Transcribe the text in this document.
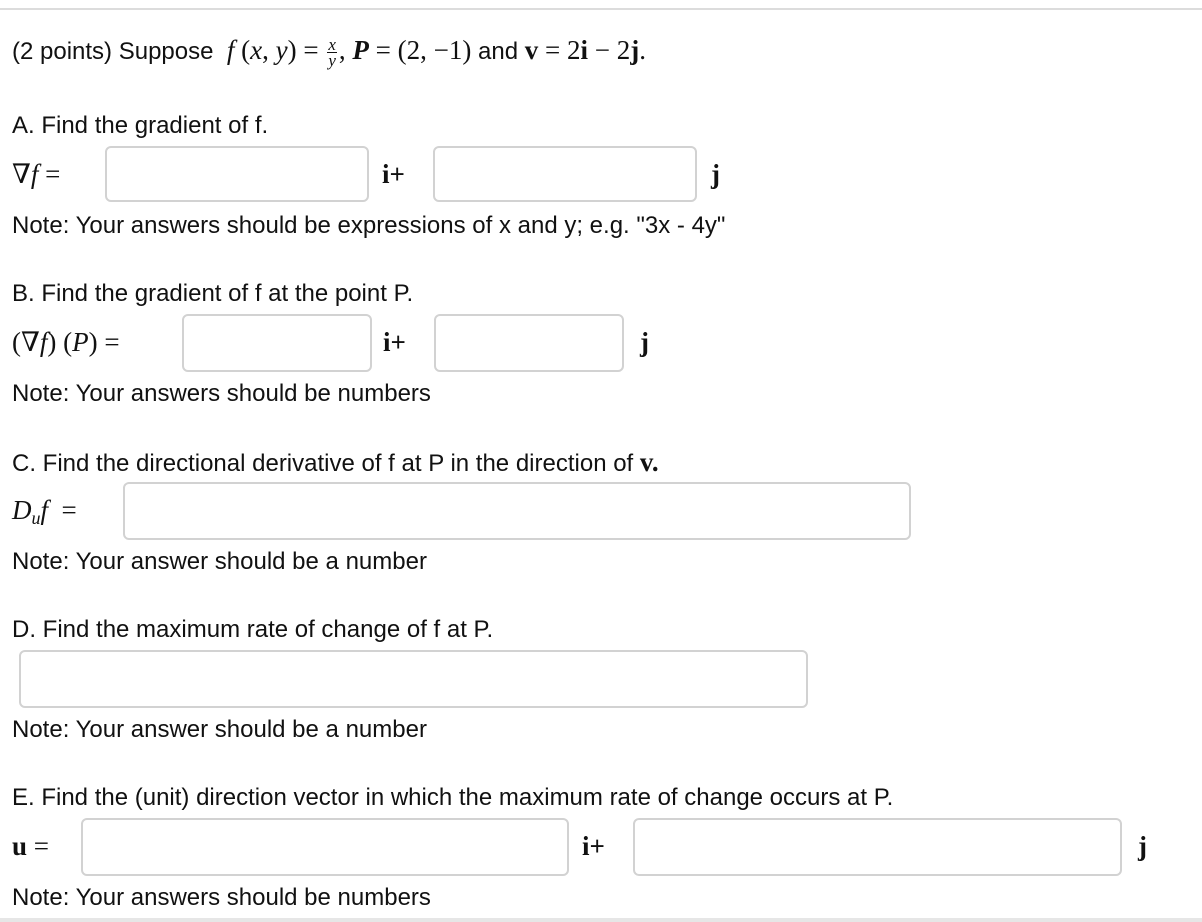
(2 points) Suppose f (x, $y) = \frac{x}{y}$ , P = (2, −1) and v = 2i − 2j.
A. Find the gradient of f.
∇f =	i+	j
Note: Your answers should be expressions of x and y; e.g. "3x - 4y"
B. Find the gradient of f at the point P.
(∇f) (P) =	i+	j
Note: Your answers should be numbers
C. Find the directional derivative of f at P in the direction of v.
$D_uf$  =
Note: Your answer should be a number
D. Find the maximum rate of change of f at P.
Note: Your answer should be a number
E. Find the (unit) direction vector in which the maximum rate of change occurs at P.
u =	i+	j
Note: Your answers should be numbers
